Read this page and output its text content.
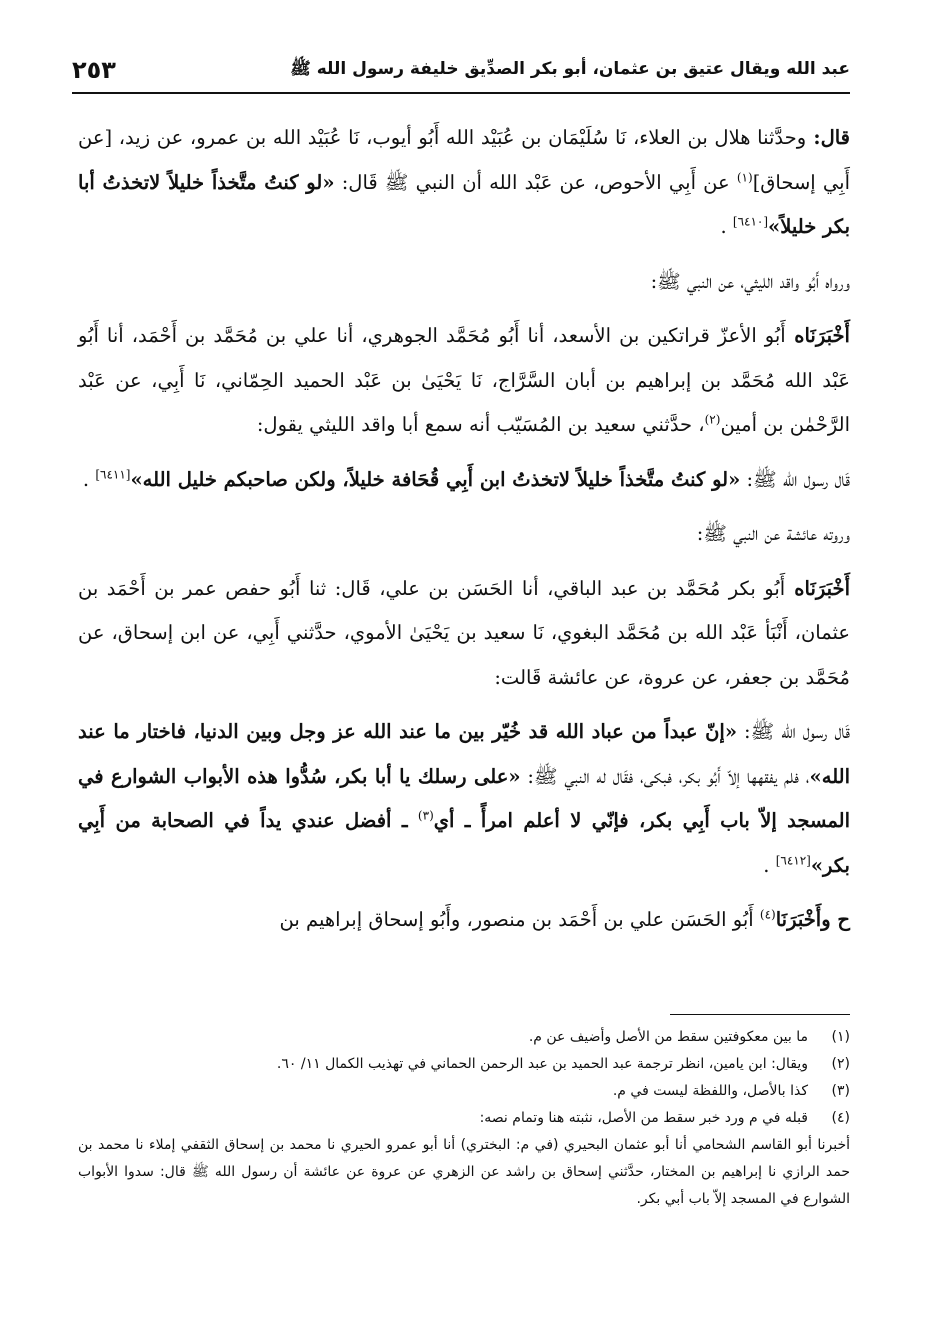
٢٥٣	عبد الله ويقال عتيق بن عثمان، أبو بكر الصدِّيق خليفة رسول الله ﷺ

قال: وحدَّثنا هلال بن العلاء، نَا سُلَيْمَان بن عُبَيْد الله أَبُو أيوب، نَا عُبَيْد الله بن عمرو، عن زيد، [عن أَبِي إسحاق]$^{(١)}$ عن أَبِي الأحوص، عن عَبْد الله أن النبي ﷺ قَال: «لو كنتُ متَّخذاً خليلاً لاتخذتُ أبا بكر خليلاً»[٦٤١٠] .

ورواه أَبُو واقد الليثي، عن النبي ﷺ:

أَخْبَرَنَاه أَبُو الأعزّ قراتكين بن الأسعد، أنا أَبُو مُحَمَّد الجوهري، أنا علي بن مُحَمَّد بن أَحْمَد، أنا أَبُو عَبْد الله مُحَمَّد بن إبراهيم بن أبان السَّرَّاج، نَا يَحْيَىٰ بن عَبْد الحميد الحِمّاني، نَا أَبِي، عن عَبْد الرَّحْمٰن بن أمين$^{(٢)}$، حدَّثني سعيد بن المُسَيّب أنه سمع أبا واقد الليثي يقول:

قَال رسول الله ﷺ: «لو كنتُ متَّخذاً خليلاً لاتخذتُ ابن أَبِي قُحَافة خليلاً، ولكن صاحبكم خليل الله»[٦٤١١] .

وروته عائشة عن النبي ﷺ:

أَخْبَرَنَاه أَبُو بكر مُحَمَّد بن عبد الباقي، أنا الحَسَن بن علي، قَال: ثنا أَبُو حفص عمر بن أَحْمَد بن عثمان، أَنْبَأ عَبْد الله بن مُحَمَّد البغوي، نَا سعيد بن يَحْيَىٰ الأموي، حدَّثني أَبِي، عن ابن إسحاق، عن مُحَمَّد بن جعفر، عن عروة، عن عائشة قَالت:

قَال رسول الله ﷺ: «إنّ عبداً من عباد الله قد خُيّر بين ما عند الله عز وجل وبين الدنيا، فاختار ما عند الله»، فلم يفقهها إلاّ أَبُو بكر، فبكى، فقَال له النبي ﷺ: «على رسلك يا أبا بكر، سُدُّوا هذه الأبواب الشوارع في المسجد إلاّ باب أَبِي بكر، فإنّي لا أعلم امرأً ـ أي$^{(٣)}$ ـ أفضل عندي يداً في الصحابة من أَبِي بكر»[٦٤١٢] .

ح وأَخْبَرَنَا$^{(٤)}$ أَبُو الحَسَن علي بن أَحْمَد بن منصور، وأَبُو إسحاق إبراهيم بن

(١)
ما بين معكوفتين سقط من الأصل وأضيف عن م.
(٢)
ويقال: ابن يامين، انظر ترجمة عبد الحميد بن عبد الرحمن الحماني في تهذيب الكمال ١١/ ٦٠.
(٣)
كذا بالأصل، واللفظة ليست في م.
(٤)
قبله في م ورد خبر سقط من الأصل، نثبته هنا وتمام نصه:
أخبرنا أبو القاسم الشحامي أنا أبو عثمان البحيري (في م: البختري) أنا أبو عمرو الحيري نا محمد بن إسحاق الثقفي إملاء نا محمد بن حمد الرازي نا إبراهيم بن المختار، حدَّثني إسحاق بن راشد عن الزهري عن عروة عن عائشة أن رسول الله ﷺ قال: سدوا الأبواب الشوارع في المسجد إلاّ باب أبي بكر.
